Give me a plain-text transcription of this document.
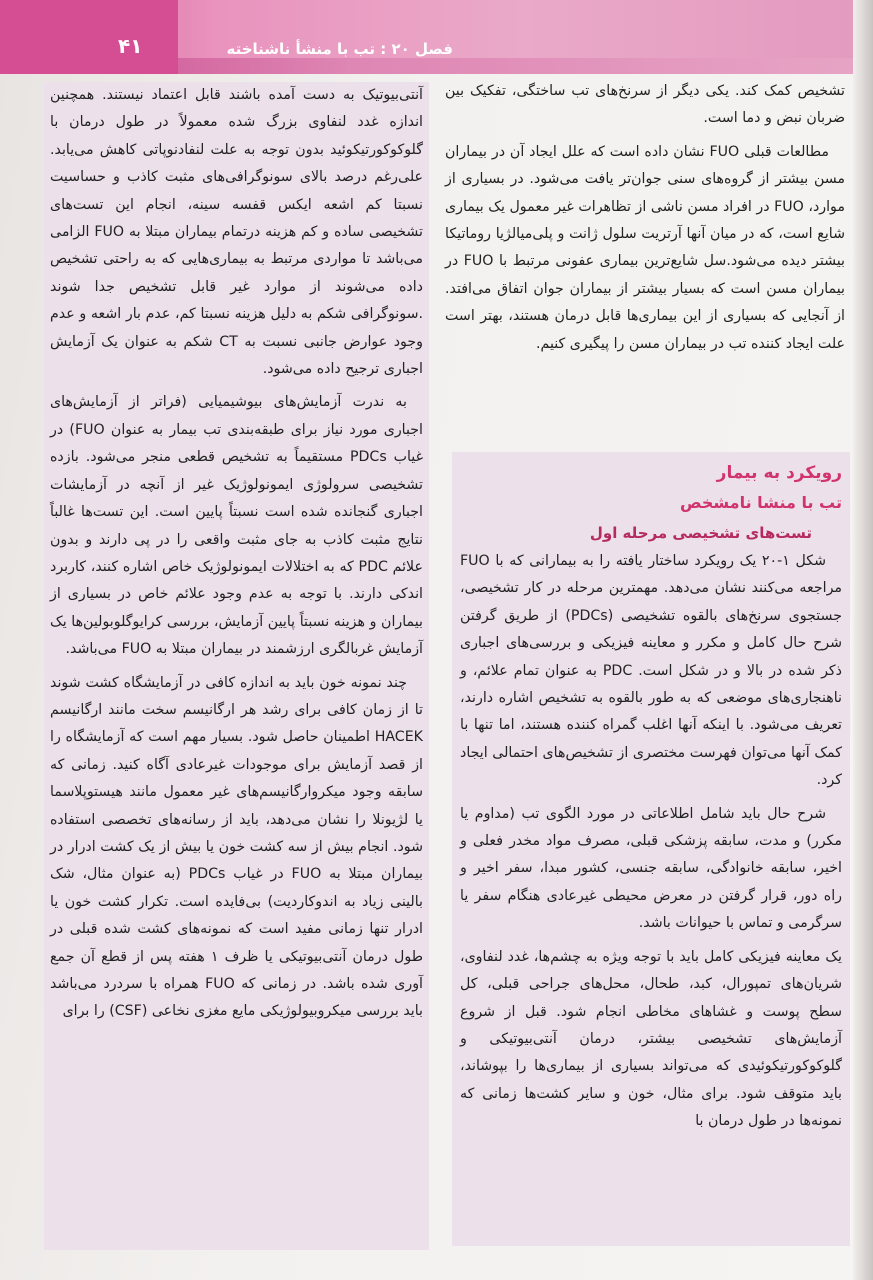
۴۱	فصل ۲۰ : تب با منشأ ناشناخته

آنتی‌بیوتیک به دست آمده باشند قابل اعتماد نیستند. همچنین اندازه غدد لنفاوی بزرگ شده معمولاً در طول درمان با گلوکوکورتیکوئید بدون توجه به علت لنفادنوپاتی کاهش می‌یابد. علی‌رغم درصد بالای سونوگرافی‌های مثبت کاذب و حساسیت نسبتا کم اشعه ایکس قفسه سینه، انجام این تست‌های تشخیصی ساده و کم هزینه درتمام بیماران مبتلا به FUO الزامی می‌باشد تا مواردی مرتبط به بیماری‌هایی که به راحتی تشخیص داده می‌شوند از موارد غیر قابل تشخیص جدا شوند .سونوگرافی شکم به دلیل هزینه نسبتا کم، عدم بار اشعه و عدم وجود عوارض جانبی نسبت به CT شکم به عنوان یک آزمایش اجباری ترجیح داده می‌شود.

به ندرت آزمایش‌های بیوشیمیایی (فراتر از آزمایش‌های اجباری مورد نیاز برای طبقه‌بندی تب بیمار به عنوان FUO) در غیاب PDCs مستقیماً به تشخیص قطعی منجر می‌شود. بازده تشخیصی سرولوژی ایمونولوژیک غیر از آنچه در آزمایشات اجباری گنجانده شده است نسبتاً پایین است. این تست‌ها غالباً نتایج مثبت کاذب به جای مثبت واقعی را در پی دارند و بدون علائم PDC که به اختلالات ایمونولوژیک خاص اشاره کنند، کاربرد اندکی دارند. با توجه به عدم وجود علائم خاص در بسیاری از بیماران و هزینه نسبتاً پایین آزمایش، بررسی کرایوگلوبولین‌ها یک آزمایش غربالگری ارزشمند در بیماران مبتلا به FUO می‌باشد.

چند نمونه خون باید به اندازه کافی در آزمایشگاه کشت شوند تا از زمان کافی برای رشد هر ارگانیسم سخت مانند ارگانیسم HACEK اطمینان حاصل شود. بسیار مهم است که آزمایشگاه را از قصد آزمایش برای موجودات غیرعادی آگاه کنید. زمانی که سابقه وجود میکروارگانیسم‌های غیر معمول مانند هیستوپلاسما یا لژیونلا را نشان می‌دهد، باید از رسانه‌های تخصصی استفاده شود. انجام بیش از سه کشت خون یا بیش از یک کشت ادرار در بیماران مبتلا به FUO در غیاب PDCs (به عنوان مثال، شک بالینی زیاد به اندوکاردیت) بی‌فایده است. تکرار کشت خون یا ادرار تنها زمانی مفید است که نمونه‌های کشت شده قبلی در طول درمان آنتی‌بیوتیکی یا ظرف ۱ هفته پس از قطع آن جمع آوری شده باشد. در زمانی که FUO همراه با سردرد می‌باشد باید بررسی میکروبیولوژیکی مایع مغزی نخاعی (CSF) را برای

تشخیص کمک کند. یکی دیگر از سرنخ‌های تب ساختگی، تفکیک بین ضربان نبض و دما است.

مطالعات قبلی FUO نشان داده است که علل ایجاد آن در بیماران مسن بیشتر از گروه‌های سنی جوان‌تر یافت می‌شود. در بسیاری از موارد، FUO در افراد مسن ناشی از تظاهرات غیر معمول یک بیماری شایع است، که در میان آنها آرتریت سلول ژانت و پلی‌میالژیا روماتیکا بیشتر دیده می‌شود.سل شایع‌ترین بیماری عفونی مرتبط با FUO در بیماران مسن است که بسیار بیشتر از بیماران جوان اتفاق می‌افتد. از آنجایی که بسیاری از این بیماری‌ها قابل درمان هستند، بهتر است علت ایجاد کننده تب در بیماران مسن را پیگیری کنیم.

رویکرد به بیمار
تب با منشا نامشخص
تست‌های تشخیصی مرحله اول

شکل ۱-۲۰ یک رویکرد ساختار یافته را به بیمارانی که با FUO مراجعه می‌کنند نشان می‌دهد. مهمترین مرحله در کار تشخیصی، جستجوی سرنخ‌های بالقوه تشخیصی (PDCs) از طریق گرفتن شرح حال کامل و مکرر و معاینه فیزیکی و بررسی‌های اجباری ذکر شده در بالا و در شکل است. PDC به عنوان تمام علائم، و ناهنجاری‌های موضعی که به طور بالقوه به تشخیص اشاره دارند، تعریف می‌شود. با اینکه آنها اغلب گمراه کننده هستند، اما تنها با کمک آنها می‌توان فهرست مختصری از تشخیص‌های احتمالی ایجاد کرد.

شرح حال باید شامل اطلاعاتی در مورد الگوی تب (مداوم یا مکرر) و مدت، سابقه پزشکی قبلی، مصرف مواد مخدر فعلی و اخیر، سابقه خانوادگی، سابقه جنسی، کشور مبدا، سفر اخیر و راه دور، قرار گرفتن در معرض محیطی غیرعادی هنگام سفر یا سرگرمی و تماس با حیوانات باشد.

یک معاینه فیزیکی کامل باید با توجه ویژه به چشم‌ها، غدد لنفاوی، شریان‌های تمپورال، کبد، طحال، محل‌های جراحی قبلی، کل سطح پوست و غشاهای مخاطی انجام شود. قبل از شروع آزمایش‌های تشخیصی بیشتر، درمان آنتی‌بیوتیکی و گلوکوکورتیکوئیدی که می‌تواند بسیاری از بیماری‌ها را بپوشاند، باید متوقف شود. برای مثال، خون و سایر کشت‌ها زمانی که نمونه‌ها در طول درمان با
